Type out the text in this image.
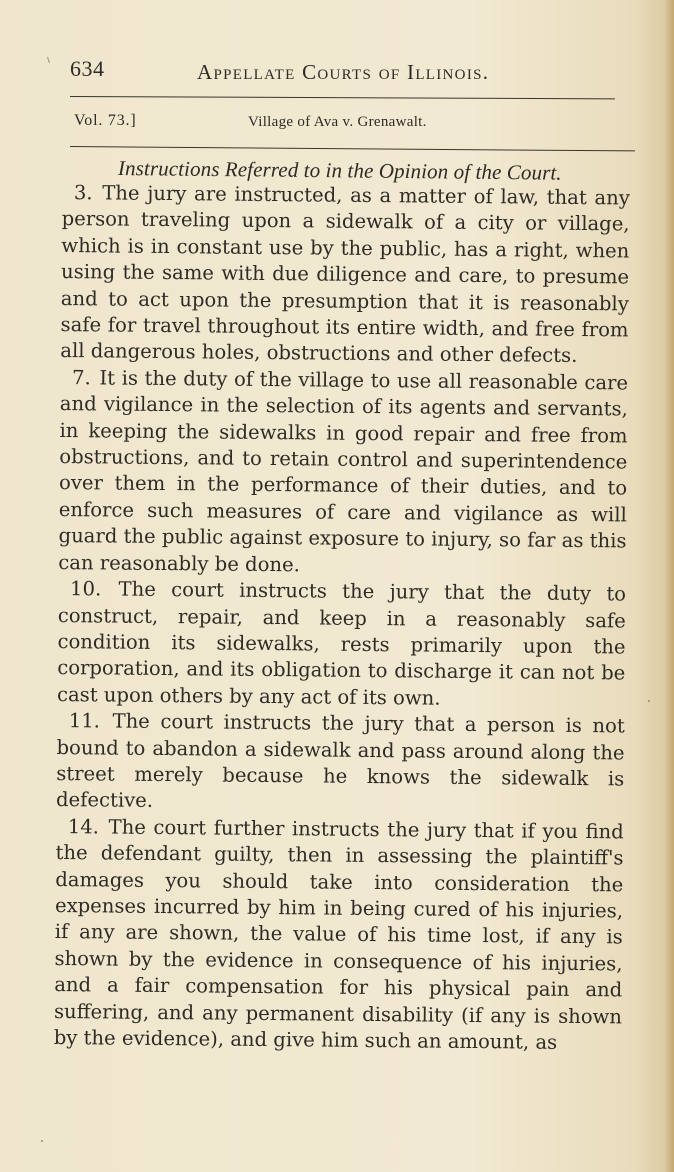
634	Appellate Courts of Illinois.
Vol. 73.]	Village of Ava v. Grenawalt.
Instructions Referred to in the Opinion of the Court.

3. The jury are instructed, as a matter of law, that any person traveling upon a sidewalk of a city or village, which is in constant use by the public, has a right, when using the same with due diligence and care, to presume and to act upon the presumption that it is reasonably safe for travel throughout its entire width, and free from all dangerous holes, obstructions and other defects.

7. It is the duty of the village to use all reasonable care and vigilance in the selection of its agents and servants, in keeping the sidewalks in good repair and free from obstructions, and to retain control and superintendence over them in the performance of their duties, and to enforce such measures of care and vigilance as will guard the public against exposure to injury, so far as this can reasonably be done.

10. The court instructs the jury that the duty to construct, repair, and keep in a reasonably safe condition its sidewalks, rests primarily upon the corporation, and its obligation to discharge it can not be cast upon others by any act of its own.

11. The court instructs the jury that a person is not bound to abandon a sidewalk and pass around along the street merely because he knows the sidewalk is defective.

14. The court further instructs the jury that if you find the defendant guilty, then in assessing the plaintiff's damages you should take into consideration the expenses incurred by him in being cured of his injuries, if any are shown, the value of his time lost, if any is shown by the evidence in consequence of his injuries, and a fair compensation for his physical pain and suffering, and any permanent disability (if any is shown by the evidence), and give him such an amount, as
